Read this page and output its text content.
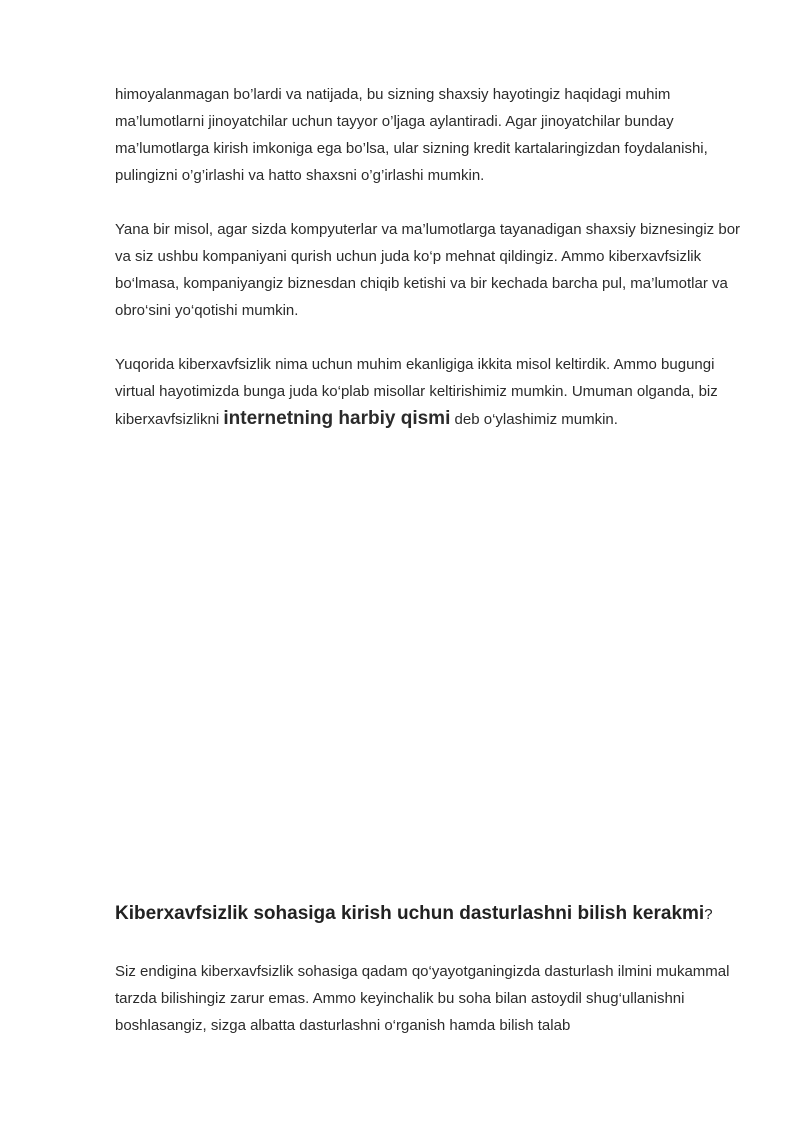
himoyalanmagan bo’lardi va natijada, bu sizning shaxsiy hayotingiz haqidagi muhim ma’lumotlarni jinoyatchilar uchun tayyor o’ljaga aylantiradi. Agar jinoyatchilar bunday ma’lumotlarga kirish imkoniga ega bo’lsa, ular sizning kredit kartalaringizdan foydalanishi, pulingizni o’g’irlashi va hatto shaxsni o’g’irlashi mumkin.

Yana bir misol, agar sizda kompyuterlar va ma’lumotlarga tayanadigan shaxsiy biznesingiz bor va siz ushbu kompaniyani qurish uchun juda ko‘p mehnat qildingiz. Ammo kiberxavfsizlik bo‘lmasa, kompaniyangiz biznesdan chiqib ketishi va bir kechada barcha pul, ma’lumotlar va obro‘sini yo‘qotishi mumkin.

Yuqorida kiberxavfsizlik nima uchun muhim ekanligiga ikkita misol keltirdik. Ammo bugungi virtual hayotimizda bunga juda ko‘plab misollar keltirishimiz mumkin. Umuman olganda, biz kiberxavfsizlikni internetning harbiy qismi deb o‘ylashimiz mumkin.

Kiberxavfsizlik sohasiga kirish uchun dasturlashni bilish kerakmi?

Siz endigina kiberxavfsizlik sohasiga qadam qo‘yayotganingizda dasturlash ilmini mukammal tarzda bilishingiz zarur emas. Ammo keyinchalik bu soha bilan astoydil shug‘ullanishni boshlasangiz, sizga albatta dasturlashni o‘rganish hamda bilish talab
